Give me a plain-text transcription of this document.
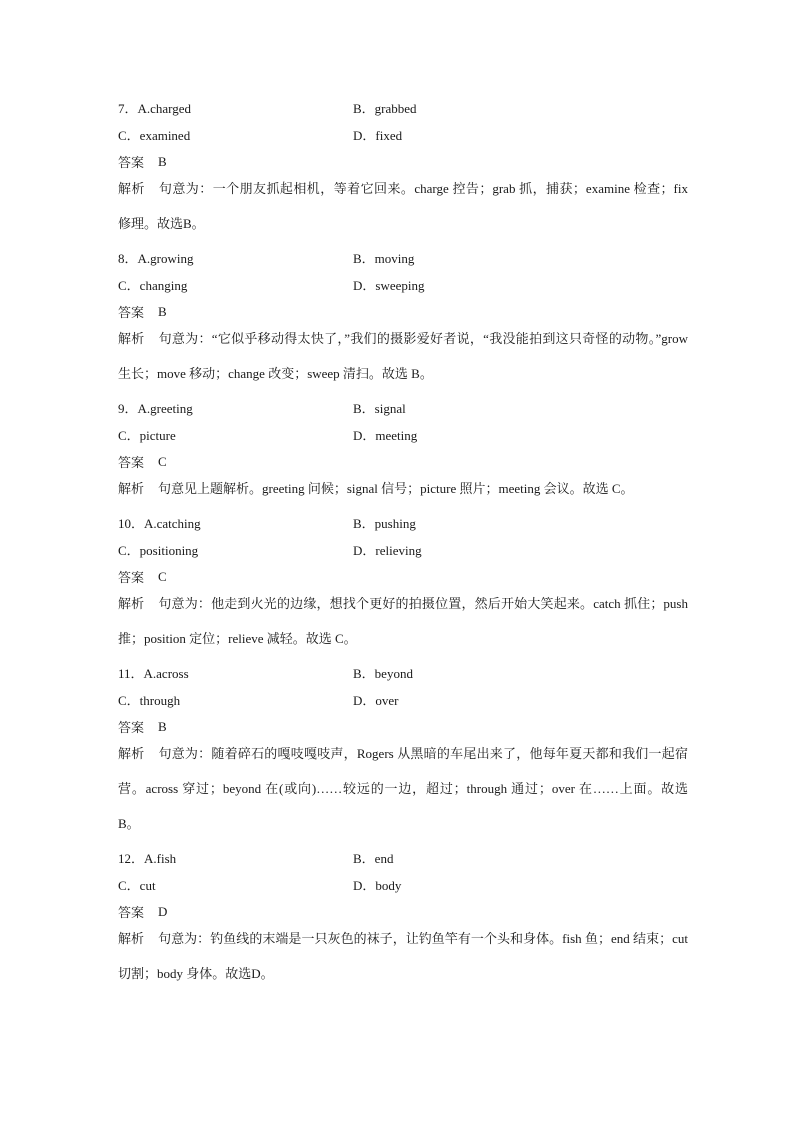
7．A.charged	B．grabbed
C．examined	D．fixed
答案 B
解析 句意为：一个朋友抓起相机，等着它回来。charge 控告；grab 抓，捕获；examine 检查；fix 修理。故选B。
8．A.growing	B．moving
C．changing	D．sweeping
答案 B
解析 句意为：“它似乎移动得太快了，”我们的摄影爱好者说，“我没能拍到这只奇怪的动物。”grow 生长；move 移动；change 改变；sweep 清扫。故选 B。
9．A.greeting	B．signal
C．picture	D．meeting
答案 C
解析 句意见上题解析。greeting 问候；signal 信号；picture 照片；meeting 会议。故选 C。
10．A.catching	B．pushing
C．positioning	D．relieving
答案 C
解析 句意为：他走到火光的边缘，想找个更好的拍摄位置，然后开始大笑起来。catch 抓住；push 推；position 定位；relieve 减轻。故选 C。
11．A.across	B．beyond
C．through	D．over
答案 B
解析 句意为：随着碎石的嘎吱嘎吱声，Rogers 从黑暗的车尾出来了，他每年夏天都和我们一起宿营。across 穿过；beyond 在(或向)……较远的一边，超过；through 通过；over 在……上面。故选 B。
12．A.fish	B．end
C．cut	D．body
答案 D
解析 句意为：钓鱼线的末端是一只灰色的袜子，让钓鱼竿有一个头和身体。fish 鱼；end 结束；cut 切割；body 身体。故选D。
